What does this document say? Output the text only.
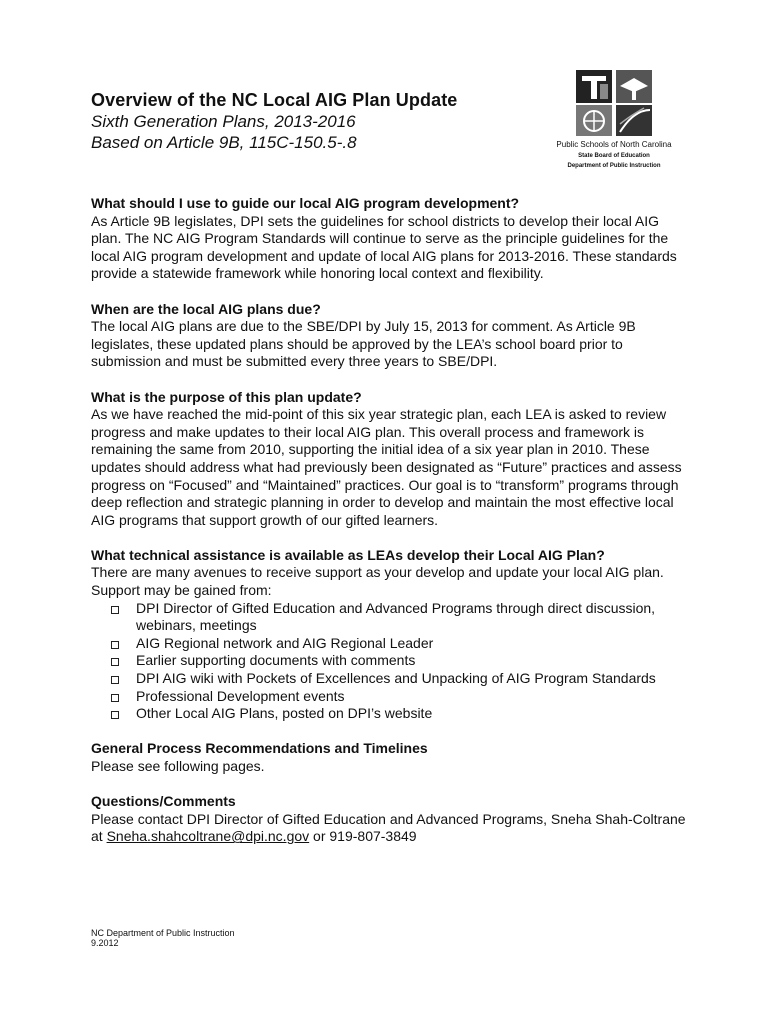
Overview of the NC Local AIG Plan Update
Sixth Generation Plans, 2013-2016
Based on Article 9B, 115C-150.5-.8	Public Schools of North Carolina
State Board of Education
Department of Public Instruction
What should I use to guide our local AIG program development?

As Article 9B legislates, DPI sets the guidelines for school districts to develop their local AIG plan. The NC AIG Program Standards will continue to serve as the principle guidelines for the local AIG program development and update of local AIG plans for 2013-2016. These standards provide a statewide framework while honoring local context and flexibility.

When are the local AIG plans due?

The local AIG plans are due to the SBE/DPI by July 15, 2013 for comment. As Article 9B legislates, these updated plans should be approved by the LEA’s school board prior to submission and must be submitted every three years to SBE/DPI.

What is the purpose of this plan update?

As we have reached the mid-point of this six year strategic plan, each LEA is asked to review progress and make updates to their local AIG plan. This overall process and framework is remaining the same from 2010, supporting the initial idea of a six year plan in 2010. These updates should address what had previously been designated as “Future” practices and assess progress on “Focused” and “Maintained” practices. Our goal is to “transform” programs through deep reflection and strategic planning in order to develop and maintain the most effective local AIG programs that support growth of our gifted learners.

What technical assistance is available as LEAs develop their Local AIG Plan?
There are many avenues to receive support as your develop and update your local AIG plan. Support may be gained from:
DPI Director of Gifted Education and Advanced Programs through direct discussion, webinars, meetings
AIG Regional network and AIG Regional Leader
Earlier supporting documents with comments
DPI AIG wiki with Pockets of Excellences and Unpacking of AIG Program Standards
Professional Development events
Other Local AIG Plans, posted on DPI’s website
General Process Recommendations and Timelines

Please see following pages.

Questions/Comments

Please contact DPI Director of Gifted Education and Advanced Programs, Sneha Shah-Coltrane at Sneha.shahcoltrane@dpi.nc.gov or 919-807-3849

NC Department of Public Instruction
9.2012
